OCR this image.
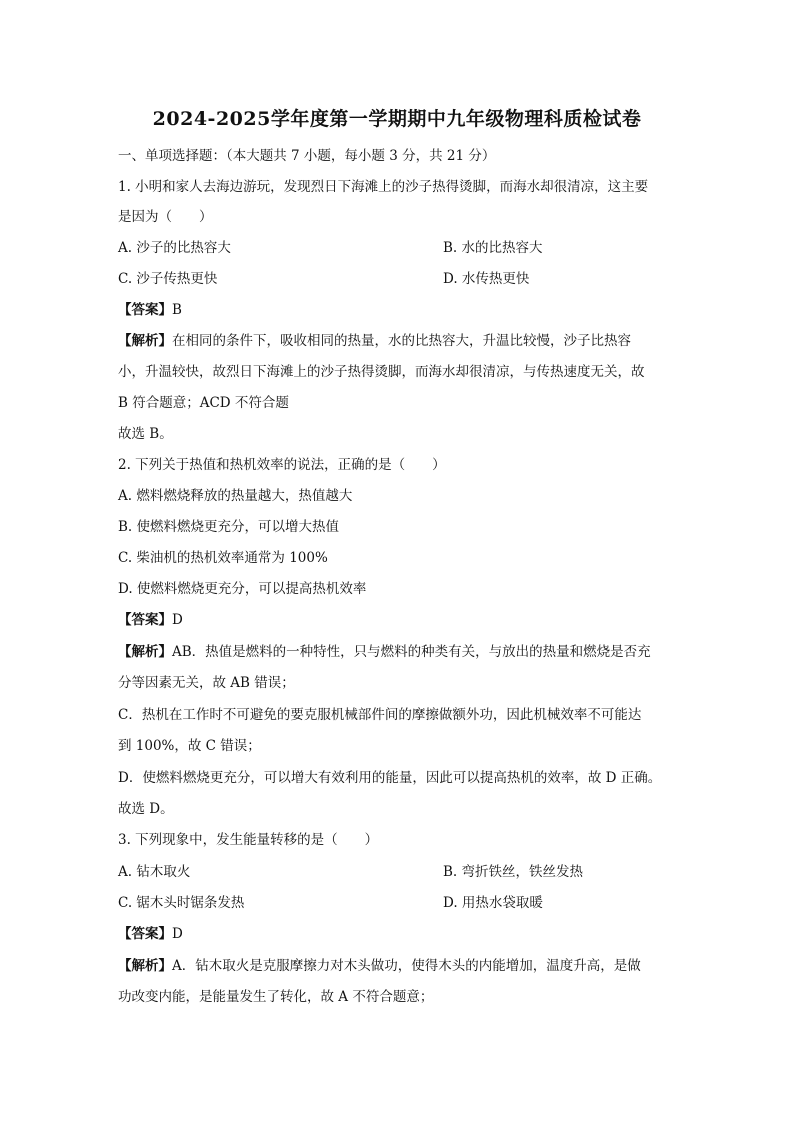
2024-2025学年度第一学期期中九年级物理科质检试卷
一、单项选择题：（本大题共 7 小题，每小题 3 分，共 21 分）
1. 小明和家人去海边游玩，发现烈日下海滩上的沙子热得烫脚，而海水却很清凉，这主要
是因为（　　）
A. 沙子的比热容大	B. 水的比热容大
C. 沙子传热更快	D. 水传热更快
【答案】B
【解析】在相同的条件下，吸收相同的热量，水的比热容大，升温比较慢，沙子比热容
小，升温较快，故烈日下海滩上的沙子热得烫脚，而海水却很清凉，与传热速度无关，故
B 符合题意；ACD 不符合题
故选 B。
2. 下列关于热值和热机效率的说法，正确的是（　　）
A. 燃料燃烧释放的热量越大，热值越大
B. 使燃料燃烧更充分，可以增大热值
C. 柴油机的热机效率通常为 100%
D. 使燃料燃烧更充分，可以提高热机效率
【答案】D
【解析】AB．热值是燃料的一种特性，只与燃料的种类有关，与放出的热量和燃烧是否充
分等因素无关，故 AB 错误；
C．热机在工作时不可避免的要克服机械部件间的摩擦做额外功，因此机械效率不可能达
到 100%，故 C 错误；
D．使燃料燃烧更充分，可以增大有效利用的能量，因此可以提高热机的效率，故 D 正确。
故选 D。
3. 下列现象中，发生能量转移的是（　　）
A. 钻木取火	B. 弯折铁丝，铁丝发热
C. 锯木头时锯条发热	D. 用热水袋取暖
【答案】D
【解析】A．钻木取火是克服摩擦力对木头做功，使得木头的内能增加，温度升高，是做
功改变内能，是能量发生了转化，故 A 不符合题意；
